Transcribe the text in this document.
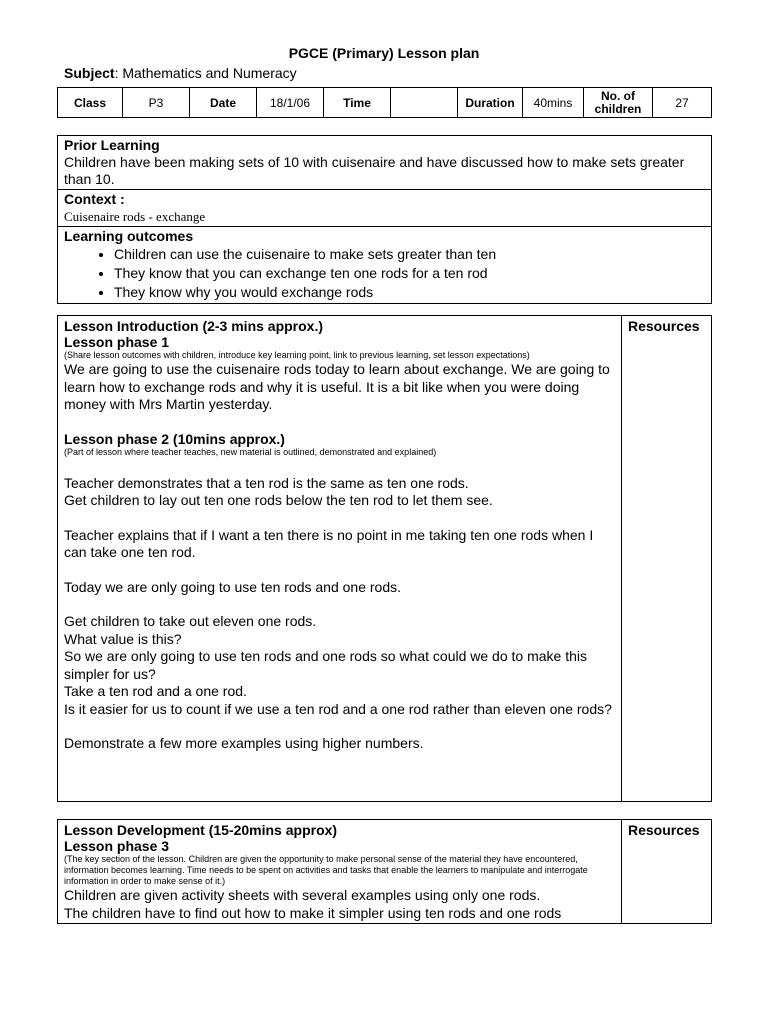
PGCE (Primary) Lesson plan
Subject: Mathematics and Numeracy
Class	P3	Date	18/1/06	Time		Duration	40mins	No. of
children	27
Prior Learning
Children have been making sets of 10 with cuisenaire and have discussed how to make sets greater than 10.

Context :
Cuisenaire rods - exchange

Learning outcomes
• Children can use the cuisenaire to make sets greater than ten
• They know that you can exchange ten one rods for a ten rod
• They know why you would exchange rods
Lesson Introduction (2-3 mins approx.)
Lesson phase 1
(Share lesson outcomes with children, introduce key learning point, link to previous learning, set lesson expectations)

We are going to use the cuisenaire rods today to learn about exchange. We are going to learn how to exchange rods and why it is useful. It is a bit like when you were doing money with Mrs Martin yesterday.

Lesson phase 2 (10mins approx.)
(Part of lesson where teacher teaches, new material is outlined, demonstrated and explained)

Teacher demonstrates that a ten rod is the same as ten one rods.

Get children to lay out ten one rods below the ten rod to let them see.

Teacher explains that if I want a ten there is no point in me taking ten one rods when I can take one ten rod.

Today we are only going to use ten rods and one rods.

Get children to take out eleven one rods.

What value is this?

So we are only going to use ten rods and one rods so what could we do to make this simpler for us?

Take a ten rod and a one rod.

Is it easier for us to count if we use a ten rod and a one rod rather than eleven one rods?

Demonstrate a few more examples using higher numbers.

Resources
Lesson Development (15-20mins approx)
Lesson phase 3
(The key section of the lesson. Children are given the opportunity to make personal sense of the material they have encountered, information becomes learning. Time needs to be spent on activities and tasks that enable the learners to manipulate and interrogate information in order to make sense of it.)

Children are given activity sheets with several examples using only one rods.

The children have to find out how to make it simpler using ten rods and one rods

Resources
